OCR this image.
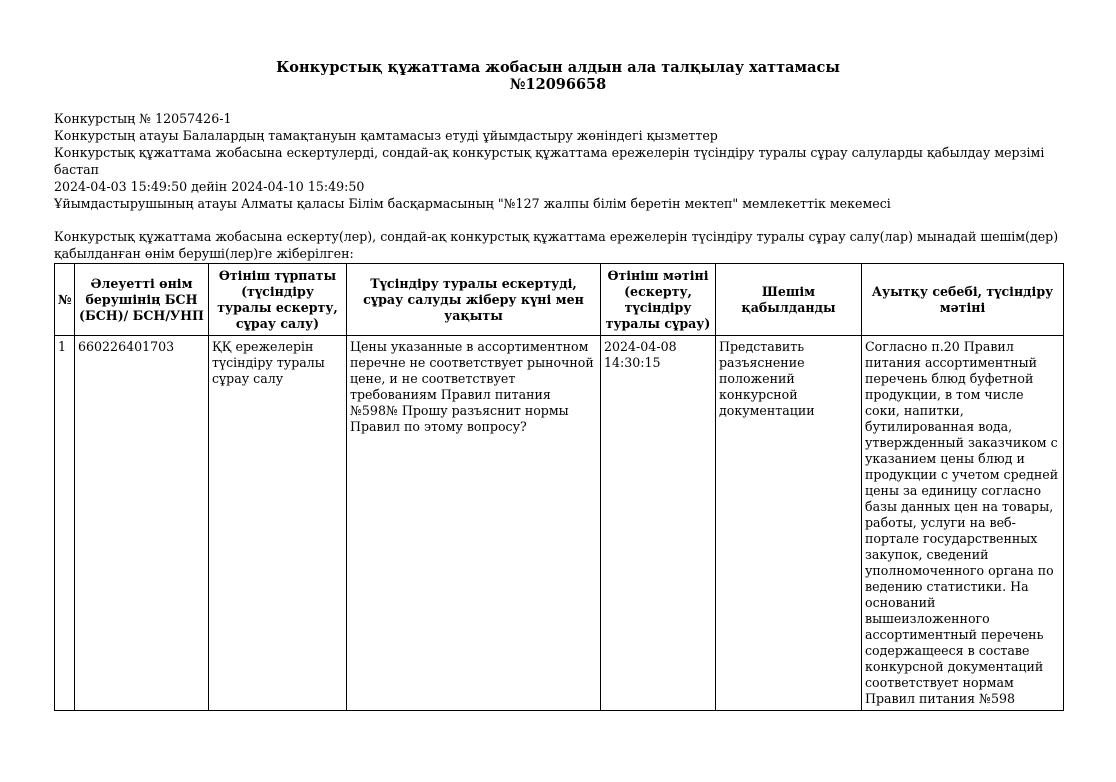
Конкурстық құжаттама жобасын алдын ала талқылау хаттамасы
№12096658

Конкурстың № 12057426-1

Конкурстың атауы Балалардың тамақтануын қамтамасыз етуді ұйымдастыру жөніндегі қызметтер

Конкурстық құжаттама жобасына ескертулерді, сондай-ақ конкурстық құжаттама ережелерін түсіндіру туралы сұрау салуларды қабылдау мерзімі бастап

2024-04-03 15:49:50 дейін 2024-04-10 15:49:50

Ұйымдастырушының атауы Алматы қаласы Білім басқармасының "№127 жалпы білім беретін мектеп" мемлекеттік мекемесі

Конкурстық құжаттама жобасына ескерту(лер), сондай-ақ конкурстық құжаттама ережелерін түсіндіру туралы сұрау салу(лар) мынадай шешім(дер) қабылданған өнім беруші(лер)ге жіберілген:

№	Әлеуетті өнім берушінің БСН (БСН)/ БСН/УНП	Өтініш түрпаты (түсіндіру туралы ескерту, сұрау салу)	Түсіндіру туралы ескертуді, сұрау салуды жіберу күні мен уақыты	Өтініш мәтіні (ескерту, түсіндіру туралы сұрау)	Шешім қабылданды	Ауытқу себебі, түсіндіру мәтіні
1	660226401703	ҚҚ ережелерін түсіндіру туралы сұрау салу	Цены указанные в ассортиментном перечне не соответствует рыночной цене, и не соответствует требованиям Правил питания №598№ Прошу разъяснит нормы Правил по этому вопросу?	2024-04-08 14:30:15	Представить разъяснение положений конкурсной документации	Согласно п.20 Правил питания ассортиментный перечень блюд буфетной продукции, в том числе соки, напитки, бутилированная вода, утвержденный заказчиком с указанием цены блюд и продукции с учетом средней цены за единицу согласно базы данных цен на товары, работы, услуги на веб-портале государственных закупок, сведений уполномоченного органа по ведению статистики. На оснований вышеизложенного ассортиментный перечень содержащееся в составе конкурсной документаций соответствует нормам Правил питания №598
